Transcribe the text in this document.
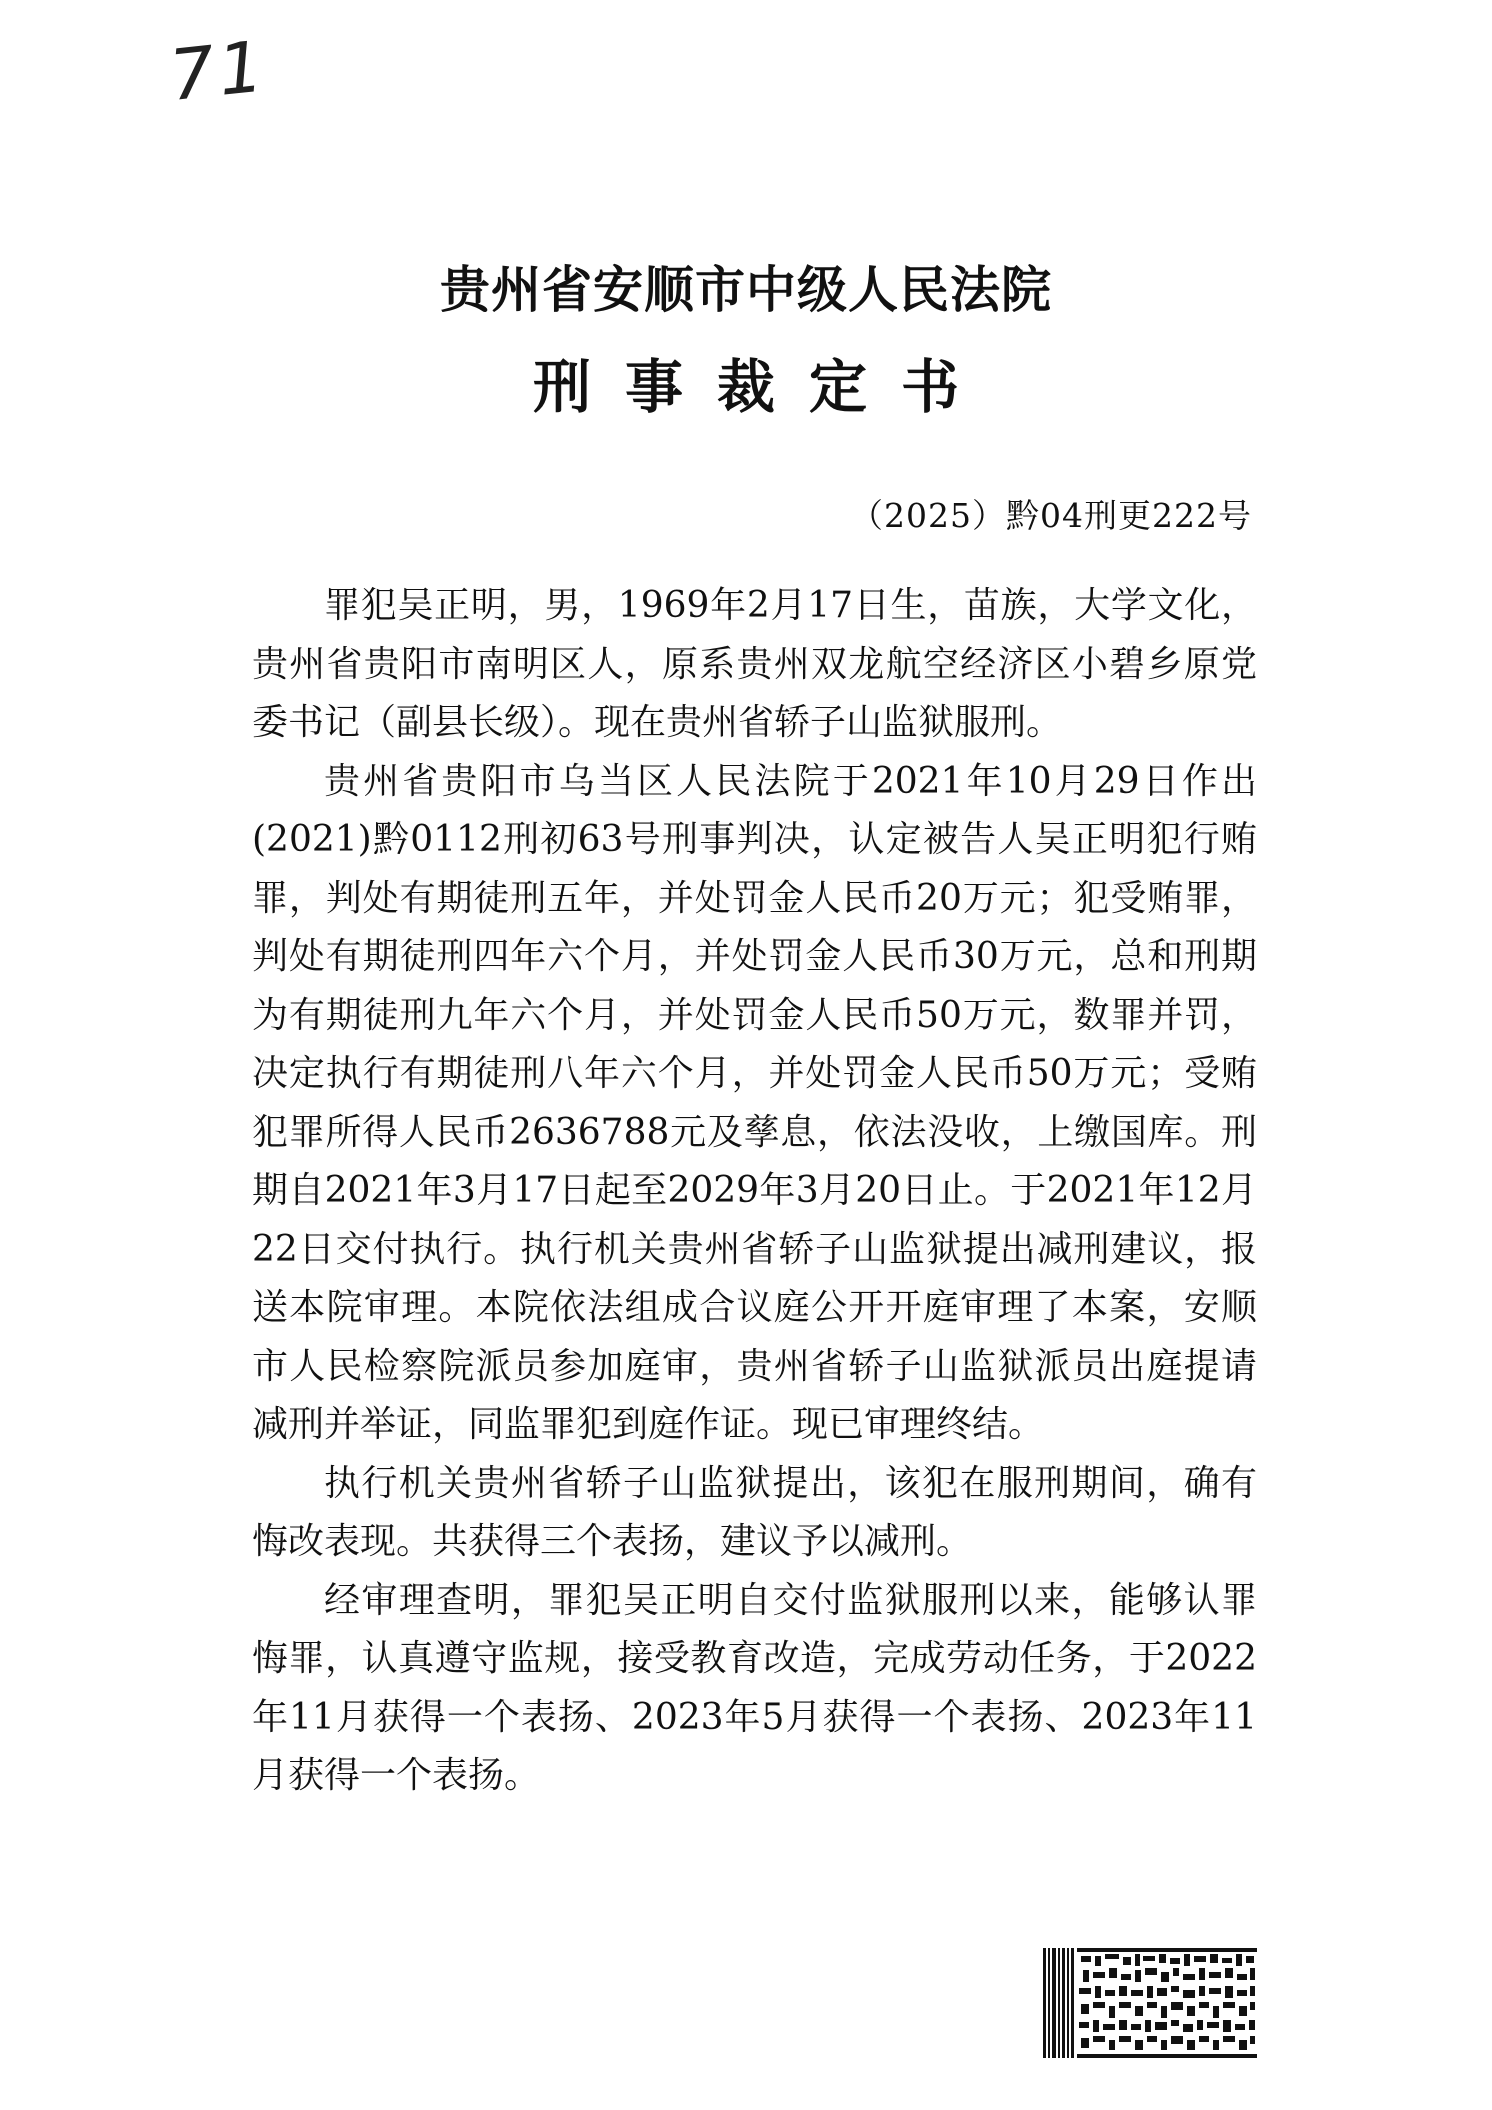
71
贵州省安顺市中级人民法院
刑事裁定书
（2025）黔04刑更222号

罪犯吴正明，男，1969年2月17日生，苗族，大学文化，贵州省贵阳市南明区人，原系贵州双龙航空经济区小碧乡原党委书记（副县长级）。现在贵州省轿子山监狱服刑。

贵州省贵阳市乌当区人民法院于2021年10月29日作出(2021)黔0112刑初63号刑事判决，认定被告人吴正明犯行贿罪，判处有期徒刑五年，并处罚金人民币20万元；犯受贿罪，判处有期徒刑四年六个月，并处罚金人民币30万元，总和刑期为有期徒刑九年六个月，并处罚金人民币50万元，数罪并罚，决定执行有期徒刑八年六个月，并处罚金人民币50万元；受贿犯罪所得人民币2636788元及孳息，依法没收，上缴国库。刑期自2021年3月17日起至2029年3月20日止。于2021年12月22日交付执行。执行机关贵州省轿子山监狱提出减刑建议，报送本院审理。本院依法组成合议庭公开开庭审理了本案，安顺市人民检察院派员参加庭审，贵州省轿子山监狱派员出庭提请减刑并举证，同监罪犯到庭作证。现已审理终结。

执行机关贵州省轿子山监狱提出，该犯在服刑期间，确有悔改表现。共获得三个表扬，建议予以减刑。

经审理查明，罪犯吴正明自交付监狱服刑以来，能够认罪悔罪，认真遵守监规，接受教育改造，完成劳动任务，于2022年11月获得一个表扬、2023年5月获得一个表扬、2023年11月获得一个表扬。
